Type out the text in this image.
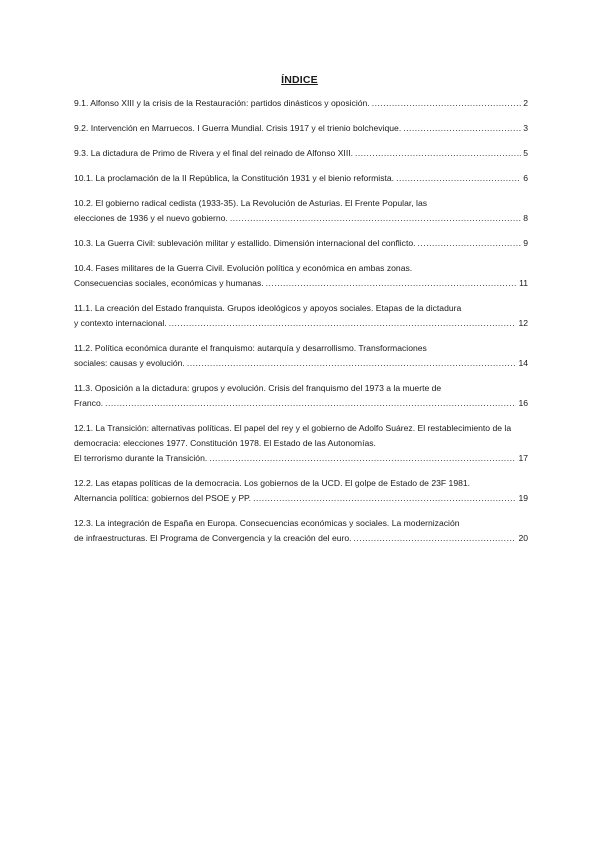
ÍNDICE
9.1. Alfonso XIII y la crisis de la Restauración: partidos dinásticos y oposición. .....	2
9.2. Intervención en Marruecos. I Guerra Mundial. Crisis 1917 y el trienio bolchevique. .....	3
9.3. La dictadura de Primo de Rivera y el final del reinado de Alfonso XIII. .....	5
10.1. La proclamación de la II República, la Constitución 1931 y el bienio reformista. .....	6
10.2. El gobierno radical cedista (1933-35). La Revolución de Asturias. El Frente Popular, las
elecciones de 1936 y el nuevo gobierno. .....	8
10.3. La Guerra Civil: sublevación militar y estallido. Dimensión internacional del conflicto. .....	9
10.4. Fases militares de la Guerra Civil. Evolución política y económica en ambas zonas.
Consecuencias sociales, económicas y humanas. .....	11
11.1. La creación del Estado franquista. Grupos ideológicos y apoyos sociales. Etapas de la dictadura
y contexto internacional. .....	12
11.2. Política económica durante el franquismo: autarquía y desarrollismo. Transformaciones
sociales: causas y evolución. .....	14
11.3. Oposición a la dictadura: grupos y evolución. Crisis del franquismo del 1973 a la muerte de
Franco. .....	16
12.1. La Transición: alternativas políticas. El papel del rey y el gobierno de Adolfo Suárez. El restablecimiento de la democracia: elecciones 1977. Constitución 1978. El Estado de las Autonomías.
El terrorismo durante la Transición. .....	17
12.2. Las etapas políticas de la democracia. Los gobiernos de la UCD. El golpe de Estado de 23F 1981.
Alternancia política: gobiernos del PSOE y PP. .....	19
12.3. La integración de España en Europa. Consecuencias económicas y sociales. La modernización
de infraestructuras. El Programa de Convergencia y la creación del euro. .....	20
